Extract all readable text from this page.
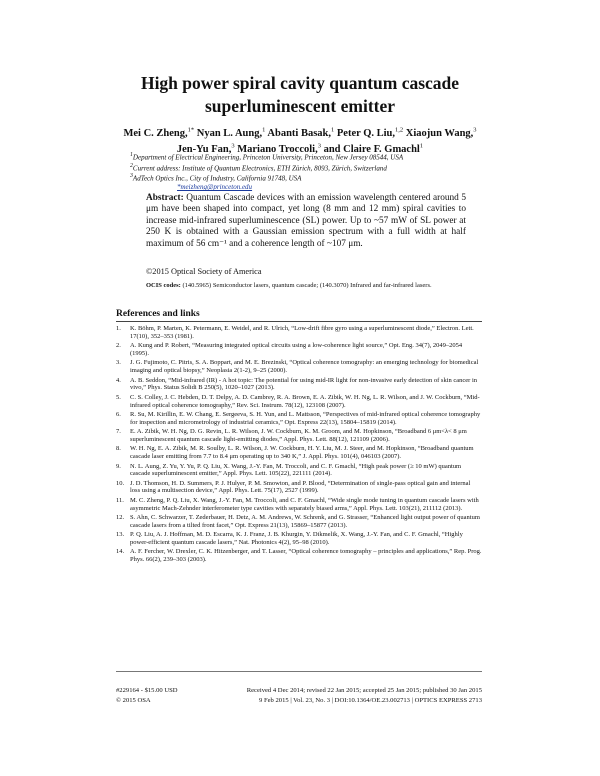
High power spiral cavity quantum cascade
superluminescent emitter
Mei C. Zheng,$^{1*}$ Nyan L. Aung,$^1$ Abanti Basak,$^1$ Peter Q. Liu,$^{1,2}$ Xiaojun Wang,$^3$
Jen-Yu Fan,$^3$ Mariano Troccoli,$^3$ and Claire F. Gmachl$^1$
$^1$Department of Electrical Engineering, Princeton University, Princeton, New Jersey 08544, USA
$^2$Current address: Institute of Quantum Electronics, ETH Zürich, 8093, Zürich, Switzerland
$^3$AdTech Optics Inc., City of Industry, California 91748, USA
*meizheng@princeton.edu
Abstract: Quantum Cascade devices with an emission wavelength centered around 5 μm have been shaped into compact, yet long (8 mm and 12 mm) spiral cavities to increase mid-infrared superluminescence (SL) power. Up to ~57 mW of SL power at 250 K is obtained with a Gaussian emission spectrum with a full width at half maximum of 56 cm⁻¹ and a coherence length of ~107 μm.
©2015 Optical Society of America
OCIS codes: (140.5965) Semiconductor lasers, quantum cascade; (140.3070) Infrared and far-infrared lasers.
References and links
1.	K. Böhm, P. Marten, K. Petermann, E. Weidel, and R. Ulrich, “Low-drift fibre gyro using a superluminescent diode,” Electron. Lett. 17(10), 352–353 (1981).
2.	A. Kung and P. Robert, “Measuring integrated optical circuits using a low-coherence light source,” Opt. Eng. 34(7), 2049–2054 (1995).
3.	J. G. Fujimoto, C. Pitris, S. A. Boppart, and M. E. Brezinski, “Optical coherence tomography: an emerging technology for biomedical imaging and optical biopsy,” Neoplasia 2(1-2), 9–25 (2000).
4.	A. B. Seddon, “Mid-infrared (IR) - A hot topic: The potential for using mid-IR light for non-invasive early detection of skin cancer in vivo,” Phys. Status Solidi B 250(5), 1020–1027 (2013).
5.	C. S. Colley, J. C. Hebden, D. T. Delpy, A. D. Cambrey, R. A. Brown, E. A. Zibik, W. H. Ng, L. R. Wilson, and J. W. Cockburn, “Mid-infrared optical coherence tomography,” Rev. Sci. Instrum. 78(12), 123108 (2007).
6.	R. Su, M. Kirillin, E. W. Chang, E. Sergeeva, S. H. Yun, and L. Mattsson, “Perspectives of mid-infrared optical coherence tomography for inspection and micrometrology of industrial ceramics,” Opt. Express 22(13), 15804–15819 (2014).
7.	E. A. Zibik, W. H. Ng, D. G. Revin, L. R. Wilson, J. W. Cockburn, K. M. Groom, and M. Hopkinson, “Broadband 6 μm<λ< 8 μm superluminescent quantum cascade light-emitting diodes,” Appl. Phys. Lett. 88(12), 121109 (2006).
8.	W. H. Ng, E. A. Zibik, M. R. Soulby, L. R. Wilson, J. W. Cockburn, H. Y. Liu, M. J. Steer, and M. Hopkinson, “Broadband quantum cascade laser emitting from 7.7 to 8.4 μm operating up to 340 K,” J. Appl. Phys. 101(4), 046103 (2007).
9.	N. L. Aung, Z. Yu, Y. Yu, P. Q. Liu, X. Wang, J.-Y. Fan, M. Troccoli, and C. F. Gmachl, “High peak power (≥ 10 mW) quantum cascade superluminescent emitter,” Appl. Phys. Lett. 105(22), 221111 (2014).
10. J. D. Thomson, H. D. Summers, P. J. Hulyer, P. M. Smowton, and P. Blood, “Determination of single-pass optical gain and internal loss using a multisection device,” Appl. Phys. Lett. 75(17), 2527 (1999).
11. M. C. Zheng, P. Q. Liu, X. Wang, J.-Y. Fan, M. Troccoli, and C. F. Gmachl, “Wide single mode tuning in quantum cascade lasers with asymmetric Mach-Zehnder interferometer type cavities with separately biased arms,” Appl. Phys. Lett. 103(21), 211112 (2013).
12. S. Ahn, C. Schwarzer, T. Zederbauer, H. Detz, A. M. Andrews, W. Schrenk, and G. Strasser, “Enhanced light output power of quantum cascade lasers from a tilted front facet,” Opt. Express 21(13), 15869–15877 (2013).
13. P. Q. Liu, A. J. Hoffman, M. D. Escarra, K. J. Franz, J. B. Khurgin, Y. Dikmelik, X. Wang, J.-Y. Fan, and C. F. Gmachl, “Highly power-efficient quantum cascade lasers,” Nat. Photonics 4(2), 95–98 (2010).
14. A. F. Fercher, W. Drexler, C. K. Hitzenberger, and T. Lasser, “Optical coherence tomography – principles and applications,” Rep. Prog. Phys. 66(2), 239–303 (2003).
#229164 - $15.00 USD	Received 4 Dec 2014; revised 22 Jan 2015; accepted 25 Jan 2015; published 30 Jan 2015
© 2015 OSA	9 Feb 2015 | Vol. 23, No. 3 | DOI:10.1364/OE.23.002713 | OPTICS EXPRESS 2713
